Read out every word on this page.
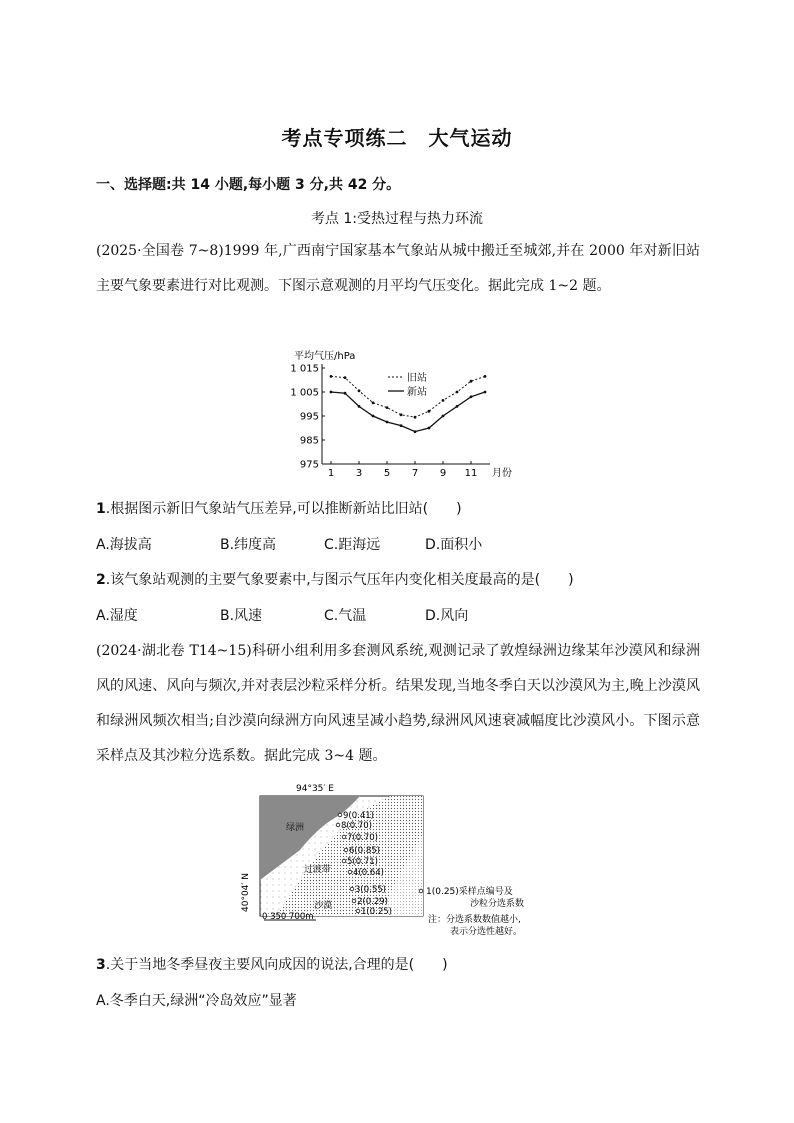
考点专项练二　大气运动
一、选择题:共 14 小题,每小题 3 分,共 42 分。
考点 1:受热过程与热力环流
(2025·全国卷 7~8)1999 年,广西南宁国家基本气象站从城中搬迁至城郊,并在 2000 年对新旧站主要气象要素进行对比观测。下图示意观测的月平均气压变化。据此完成 1~2 题。
平均气压/hPa
975
985
995
1 005
1 015
1 3 5 7 9 11 月份
旧站
新站
1.根据图示新旧气象站气压差异,可以推断新站比旧站(　　)
A.海拔高	B.纬度高	C.距海远	D.面积小
2.该气象站观测的主要气象要素中,与图示气压年内变化相关度最高的是(　　)
A.湿度	B.风速	C.气温	D.风向
(2024·湖北卷 T14~15)科研小组利用多套测风系统,观测记录了敦煌绿洲边缘某年沙漠风和绿洲风的风速、风向与频次,并对表层沙粒采样分析。结果发现,当地冬季白天以沙漠风为主,晚上沙漠风和绿洲风频次相当;自沙漠向绿洲方向风速呈减小趋势,绿洲风风速衰减幅度比沙漠风小。下图示意采样点及其沙粒分选系数。据此完成 3~4 题。
94°35′ E
绿洲
过渡带
沙漠
40°04′ N
9(0.41)
8(0.70)
7(0.70)
6(0.85)
5(0.71)
4(0.64)
3(0.55)
2(0.29)
1(0.25)
0 350 700m
1(0.25)采样点编号及
沙粒分选系数
注：分选系数数值越小,
表示分选性越好。
3.关于当地冬季昼夜主要风向成因的说法,合理的是(　　)
A.冬季白天,绿洲“冷岛效应”显著
